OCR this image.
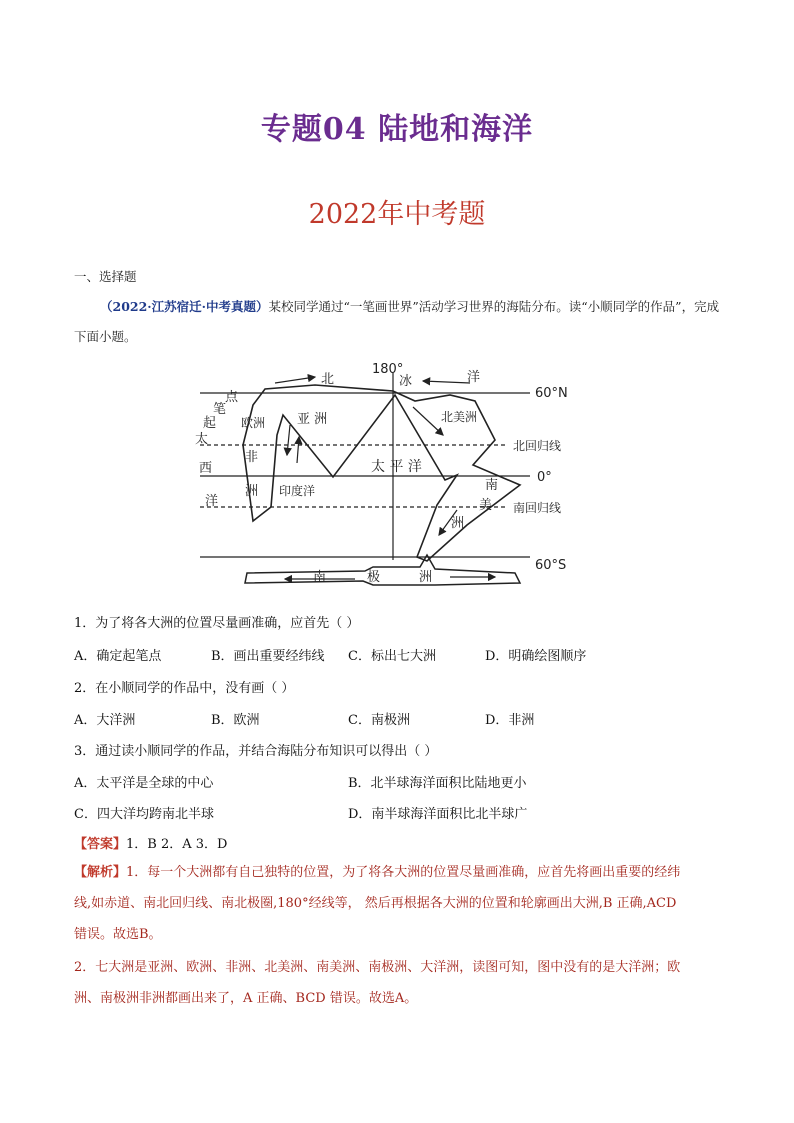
专题04 陆地和海洋
2022年中考题
一、选择题
（2022·江苏宿迁·中考真题）某校同学通过“一笔画世界”活动学习世界的海陆分布。读“小顺同学的作品”，完成下面小题。
180°
60°N
北回归线
0°
南回归线
60°S
起
笔
点
北	冰	洋
太
西
洋
欧洲
非
洲
亚 洲	北美洲
太 平 洋
印度洋	南
美
洲
南	极	洲
1．为了将各大洲的位置尽量画准确，应首先（ ）
A．确定起笔点	B．画出重要经纬线 C．标出七大洲	D．明确绘图顺序
2．在小顺同学的作品中，没有画（ ）
A．大洋洲	B．欧洲	C．南极洲	D．非洲
3．通过读小顺同学的作品，并结合海陆分布知识可以得出（ ）
A．太平洋是全球的中心	B．北半球海洋面积比陆地更小
C．四大洋均跨南北半球	D．南半球海洋面积比北半球广
【答案】1．B 2．A 3．D
【解析】1．每一个大洲都有自己独特的位置，为了将各大洲的位置尽量画准确，应首先将画出重要的经纬
线,如赤道、南北回归线、南北极圈,180°经线等， 然后再根据各大洲的位置和轮廓画出大洲,B 正确,ACD
错误。故选B。
2．七大洲是亚洲、欧洲、非洲、北美洲、南美洲、南极洲、大洋洲，读图可知，图中没有的是大洋洲；欧
洲、南极洲非洲都画出来了，A 正确、BCD 错误。故选A。
